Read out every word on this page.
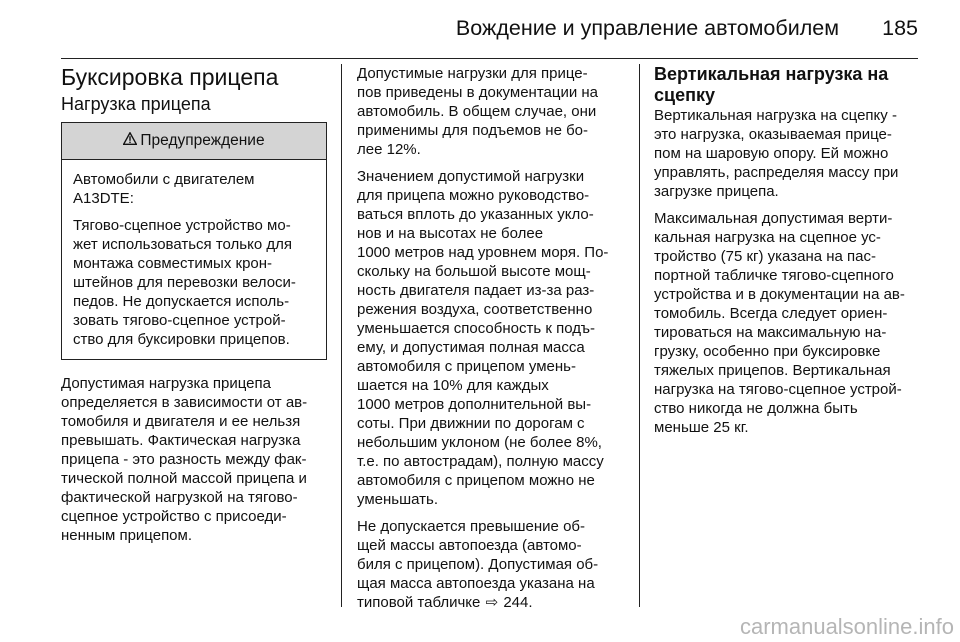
Вождение и управление автомобилем 185
Буксировка прицепа
Нагрузка прицепа
Предупреждение

Автомобили с двигателем
A13DTE:

Тягово-сцепное устройство мо-
жет использоваться только для
монтажа совместимых крон-
штейнов для перевозки велоси-
педов. Не допускается исполь-
зовать тягово-сцепное устрой-
ство для буксировки прицепов.

Допустимая нагрузка прицепа
определяется в зависимости от ав-
томобиля и двигателя и ее нельзя
превышать. Фактическая нагрузка
прицепа - это разность между фак-
тической полной массой прицепа и
фактической нагрузкой на тягово-
сцепное устройство с присоеди-
ненным прицепом.

Допустимые нагрузки для прице-
пов приведены в документации на
автомобиль. В общем случае, они
применимы для подъемов не бо-
лее 12%.

Значением допустимой нагрузки
для прицепа можно руководство-
ваться вплоть до указанных укло-
нов и на высотах не более
1000 метров над уровнем моря. По-
скольку на большой высоте мощ-
ность двигателя падает из-за раз-
режения воздуха, соответственно
уменьшается способность к подъ-
ему, и допустимая полная масса
автомобиля с прицепом умень-
шается на 10% для каждых
1000 метров дополнительной вы-
соты. При движнии по дорогам с
небольшим уклоном (не более 8%,
т.е. по автострадам), полную массу
автомобиля с прицепом можно не
уменьшать.

Не допускается превышение об-
щей массы автопоезда (автомо-
биля с прицепом). Допустимая об-
щая масса автопоезда указана на
типовой табличке ⇨ 244.

Вертикальная нагрузка на
сцепку

Вертикальная нагрузка на сцепку -
это нагрузка, оказываемая прице-
пом на шаровую опору. Ей можно
управлять, распределяя массу при
загрузке прицепа.

Максимальная допустимая верти-
кальная нагрузка на сцепное ус-
тройство (75 кг) указана на пас-
портной табличке тягово-сцепного
устройства и в документации на ав-
томобиль. Всегда следует ориен-
тироваться на максимальную на-
грузку, особенно при буксировке
тяжелых прицепов. Вертикальная
нагрузка на тягово-сцепное устрой-
ство никогда не должна быть
меньше 25 кг.

carmanualsonline.info
